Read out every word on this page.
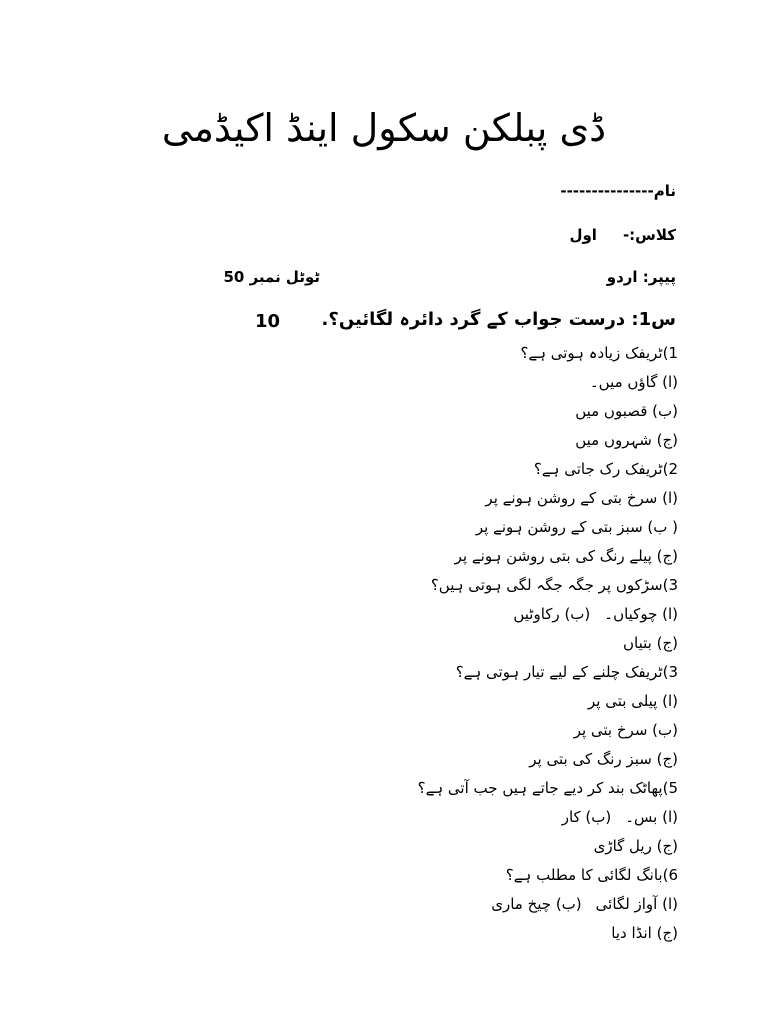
ڈی پبلکن سکول اینڈ اکیڈمی
نام---------------
کلاس:-اول
پیپر: اردو
ٹوٹل نمبر 50
س1: درست جواب کے گرد دائرہ لگائیں؟.
10
1)ٹریفک زیادہ ہوتی ہے؟
(ا) گاؤں میں۔
(ب) قصبوں میں
(ج) شہروں میں
2)ٹریفک رک جاتی ہے؟
(ا) سرخ بتی کے روشن ہونے پر
( ب) سبز بتی کے روشن ہونے پر
(ج) پیلے رنگ کی بتی روشن ہونے پر
3)سڑکوں پر جگہ جگہ لگی ہوتی ہیں؟
(ا) چوکیاں۔(ب) رکاوٹیں
(ج) بتیاں
3)ٹریفک چلنے کے لیے تیار ہوتی ہے؟
(ا) پیلی بتی پر
(ب) سرخ بتی پر
(ج) سبز رنگ کی بتی پر
5)پھاٹک بند کر دیے جاتے ہیں جب آتی ہے؟
(ا) بس۔(ب) کار
(ج) ریل گاڑی
6)بانگ لگائی کا مطلب ہے؟
(ا) آواز لگائی(ب) چیخ ماری
(ج) انڈا دیا
